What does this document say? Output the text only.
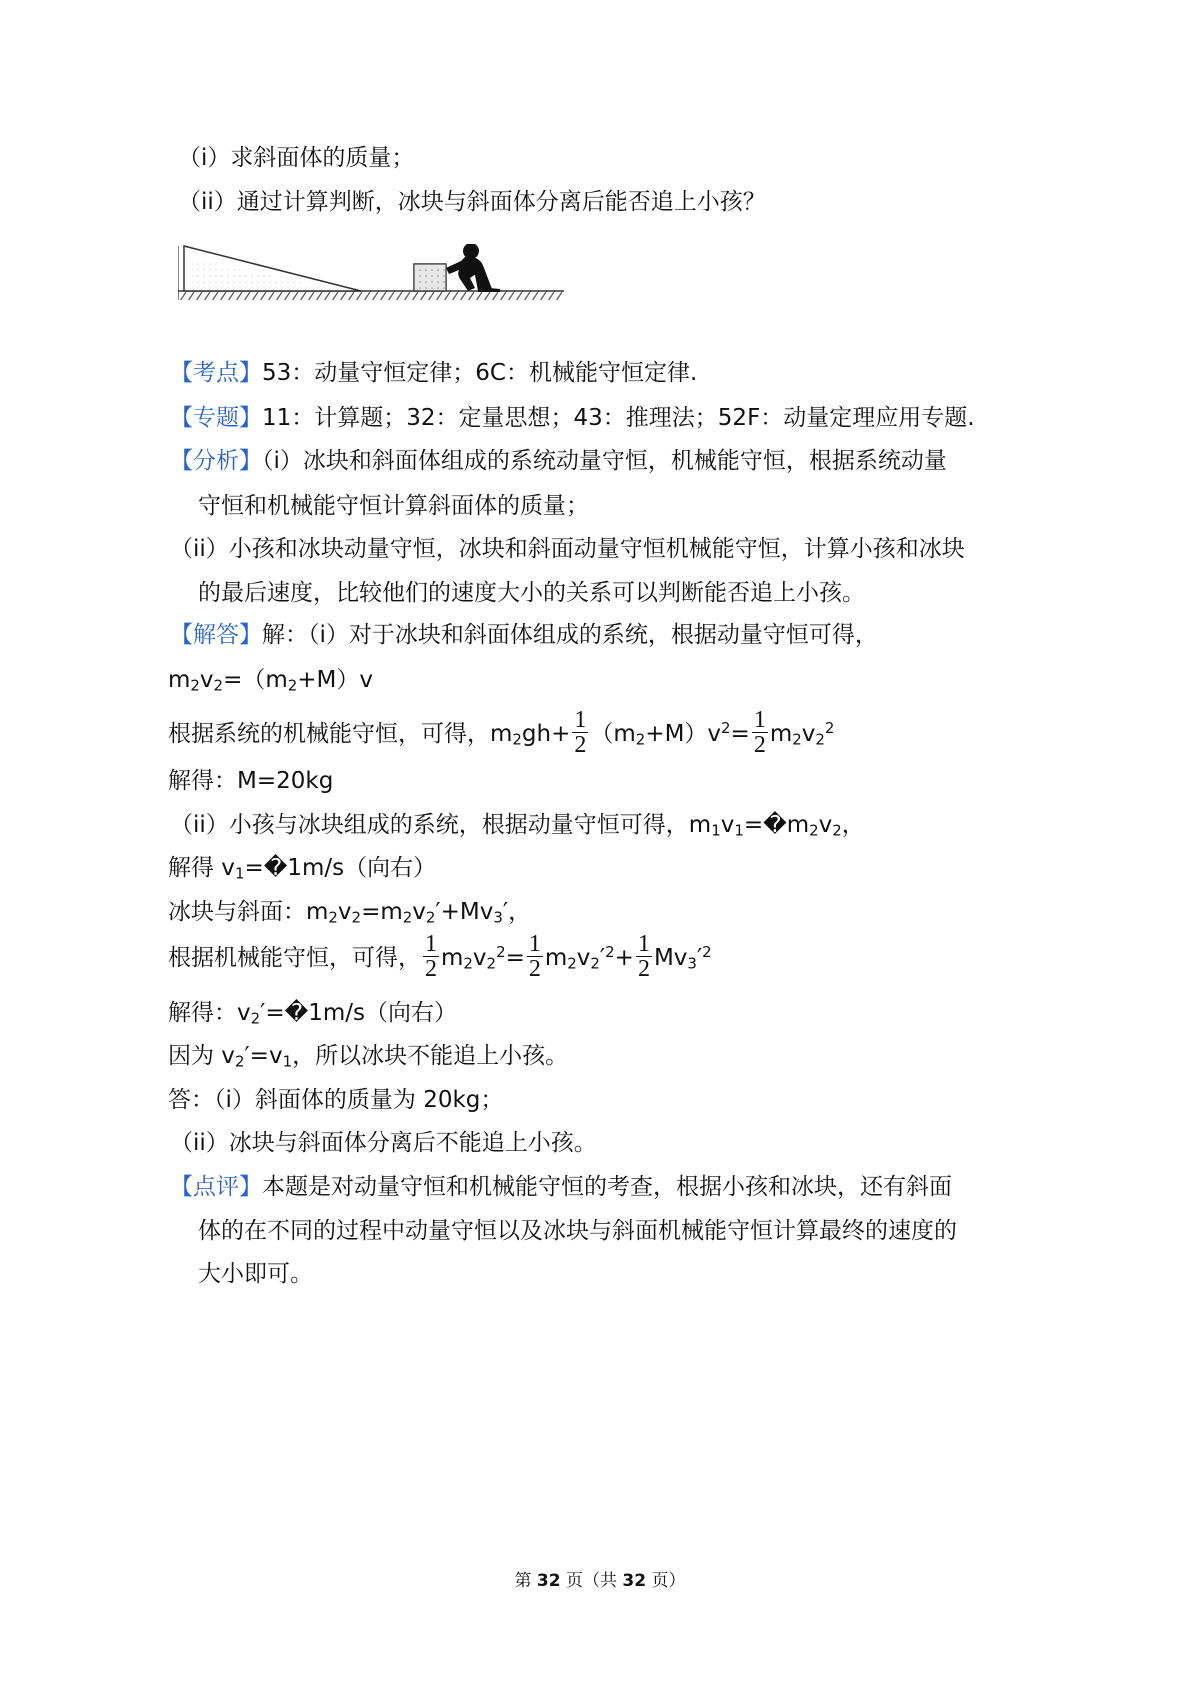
（i）求斜面体的质量；
（ii）通过计算判断，冰块与斜面体分离后能否追上小孩？
【考点】53：动量守恒定律；6C：机械能守恒定律.
【专题】11：计算题；32：定量思想；43：推理法；52F：动量定理应用专题.
【分析】（i）冰块和斜面体组成的系统动量守恒，机械能守恒，根据系统动量
守恒和机械能守恒计算斜面体的质量；
（ii）小孩和冰块动量守恒，冰块和斜面动量守恒机械能守恒，计算小孩和冰块
的最后速度，比较他们的速度大小的关系可以判断能否追上小孩。
【解答】解：（i）对于冰块和斜面体组成的系统，根据动量守恒可得，
$m_2v_2=(m_2+M)v$
根据系统的机械能守恒，可得，$m_2gh+ \frac{1}{2} (m_2+M)v^2= \frac{1}{2} m_2v_2^2$
解得：M=20kg
（ii）小孩与冰块组成的系统，根据动量守恒可得，$m_1v_1=�m_2v_2$，
解得 $v_1=�1m/s$（向右）
冰块与斜面：$m_2v_2=m_2v_2'+Mv_3'$，
根据机械能守恒，可得， $\frac{1}{2} m_2v_2^2= \frac{1}{2} m_2v_2'^2+ \frac{1}{2} Mv_3'^2$
解得：$v_2'=�1m/s$（向右）
因为 $v_2'=v_1$，所以冰块不能追上小孩。
答：（i）斜面体的质量为 20kg；
（ii）冰块与斜面体分离后不能追上小孩。
【点评】本题是对动量守恒和机械能守恒的考查，根据小孩和冰块，还有斜面
体的在不同的过程中动量守恒以及冰块与斜面机械能守恒计算最终的速度的
大小即可。
第 32 页（共 32 页）
